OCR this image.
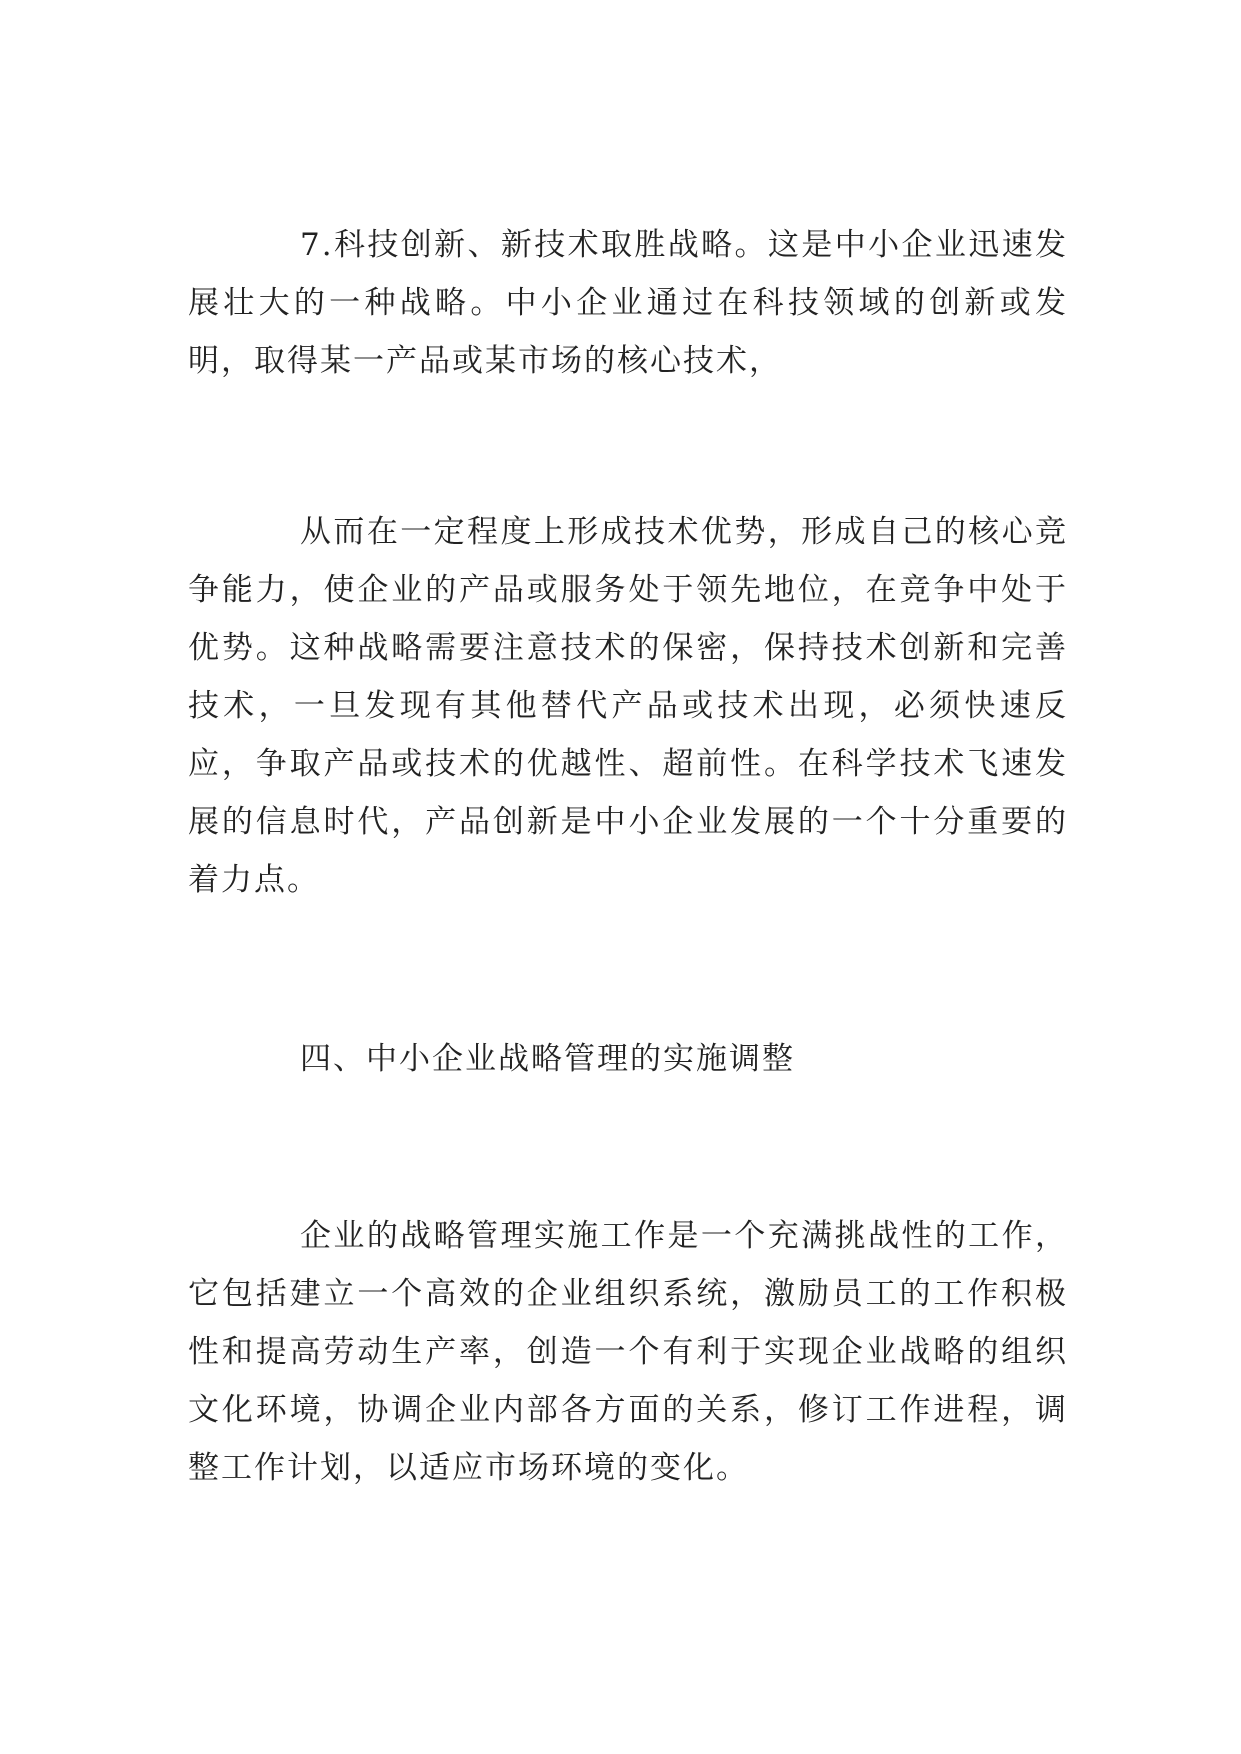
7.科技创新、新技术取胜战略。这是中小企业迅速发展壮大的一种战略。中小企业通过在科技领域的创新或发明，取得某一产品或某市场的核心技术，

从而在一定程度上形成技术优势，形成自己的核心竞争能力，使企业的产品或服务处于领先地位，在竞争中处于优势。这种战略需要注意技术的保密，保持技术创新和完善技术，一旦发现有其他替代产品或技术出现，必须快速反应，争取产品或技术的优越性、超前性。在科学技术飞速发展的信息时代，产品创新是中小企业发展的一个十分重要的着力点。

四、中小企业战略管理的实施调整

企业的战略管理实施工作是一个充满挑战性的工作，它包括建立一个高效的企业组织系统，激励员工的工作积极性和提高劳动生产率，创造一个有利于实现企业战略的组织文化环境，协调企业内部各方面的关系，修订工作进程，调整工作计划，以适应市场环境的变化。
